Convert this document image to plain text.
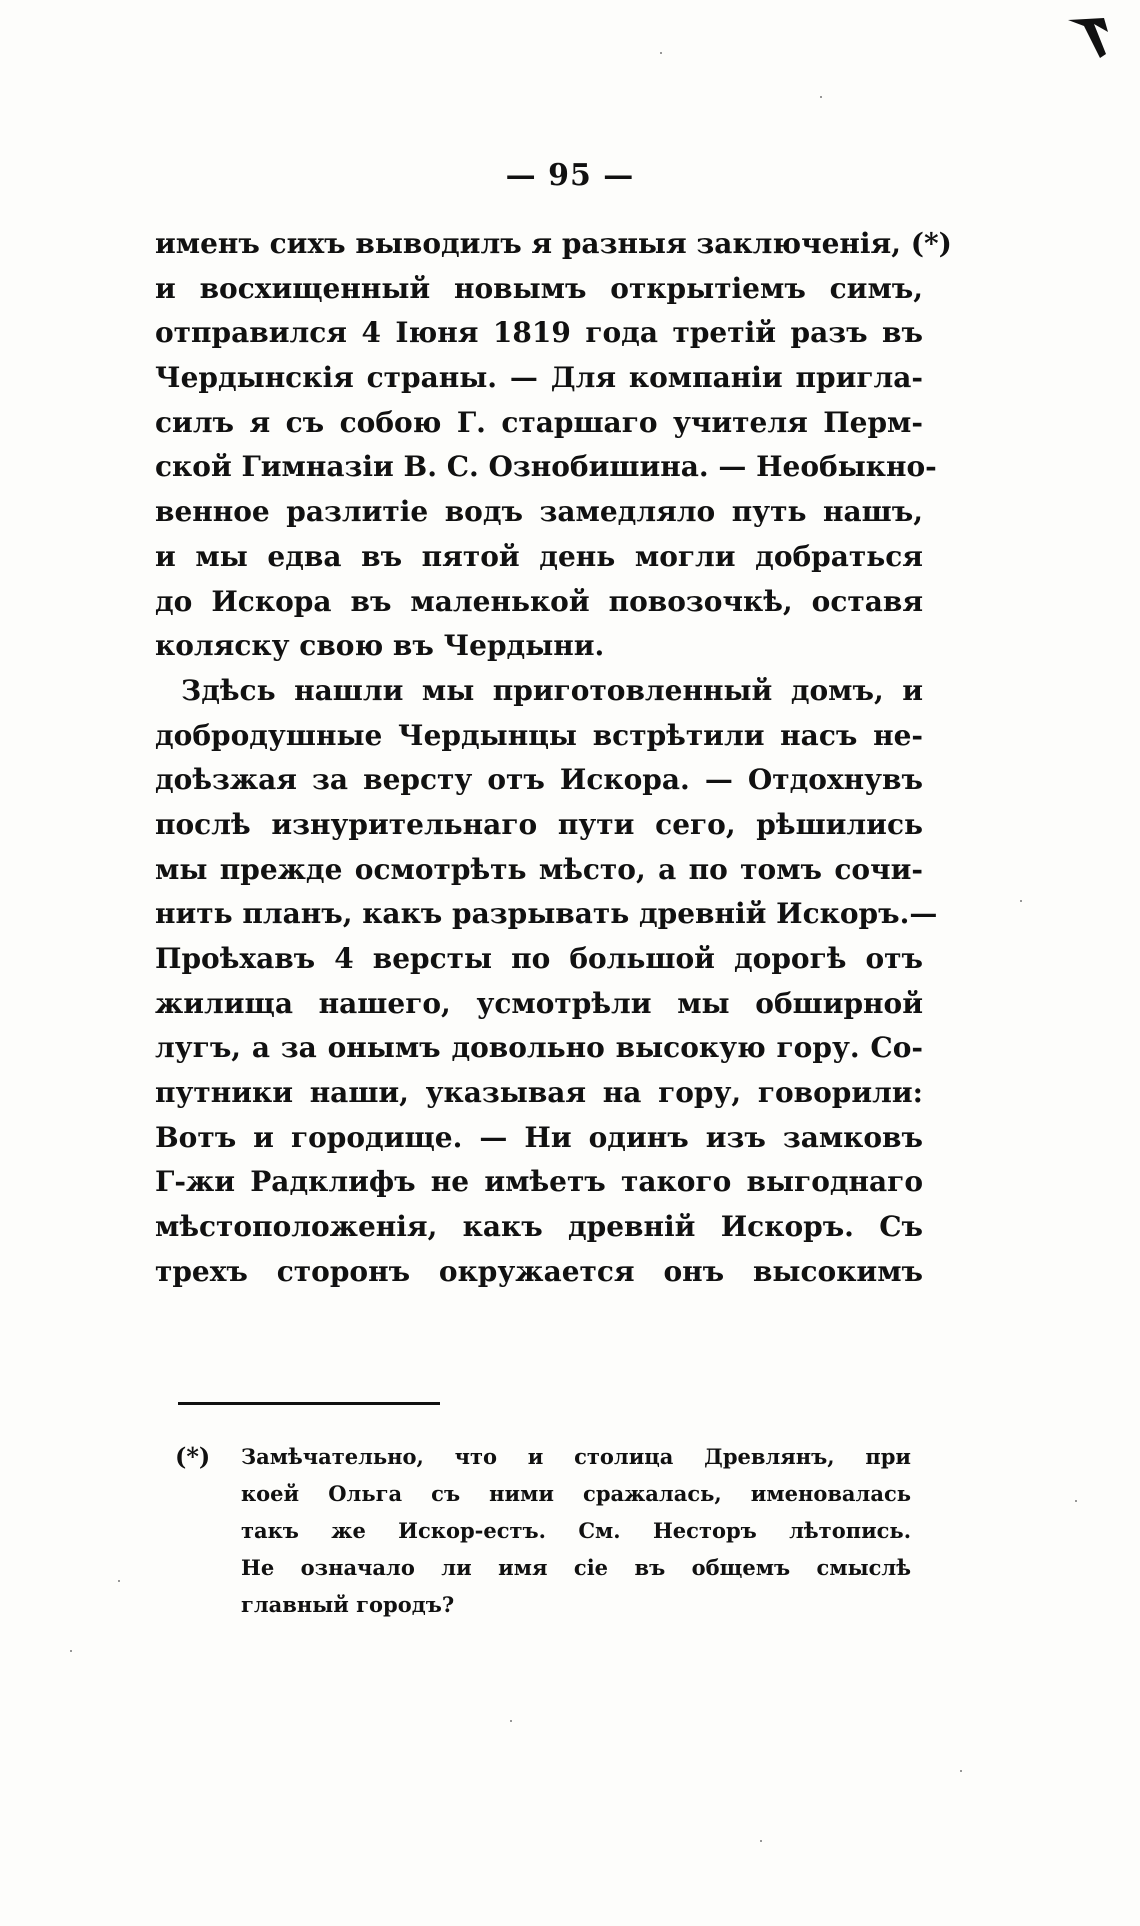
— 95 —
именъ сихъ выводилъ я разныя заключенія, (*)
и восхищенный новымъ открытіемъ симъ,
отправился 4 Іюня 1819 года третій разъ въ
Чердынскія страны. — Для компаніи пригла-
силъ я съ собою Г. старшаго учителя Перм-
ской Гимназіи В. С. Ознобишина. — Необыкно-
венное разлитіе водъ замедляло путь нашъ,
и мы едва въ пятой день могли добраться
до Искора въ маленькой повозочкѣ, оставя
коляску свою въ Чердыни.
Здѣсь нашли мы приготовленный домъ, и
добродушные Чердынцы встрѣтили насъ не-
доѣзжая за версту отъ Искора. — Отдохнувъ
послѣ изнурительнаго пути сего, рѣшились
мы прежде осмотрѣть мѣсто, а по томъ сочи-
нить планъ, какъ разрывать древній Искоръ.—
Проѣхавъ 4 версты по большой дорогѣ отъ
жилища нашего, усмотрѣли мы обширной
лугъ, а за онымъ довольно высокую гору. Со-
путники наши, указывая на гору, говорили:
Вотъ и городище. — Ни одинъ изъ замковъ
Г-жи Радклифъ не имѣетъ такого выгоднаго
мѣстоположенія, какъ древній Искоръ. Съ
трехъ сторонъ окружается онъ высокимъ
(*) Замѣчательно, что и столица Древлянъ, при
коей Ольга съ ними сражалась, именовалась
такъ же Искор-естъ. См. Несторъ лѣтопись.
Не означало ли имя сіе въ общемъ смыслѣ
главный городъ?
